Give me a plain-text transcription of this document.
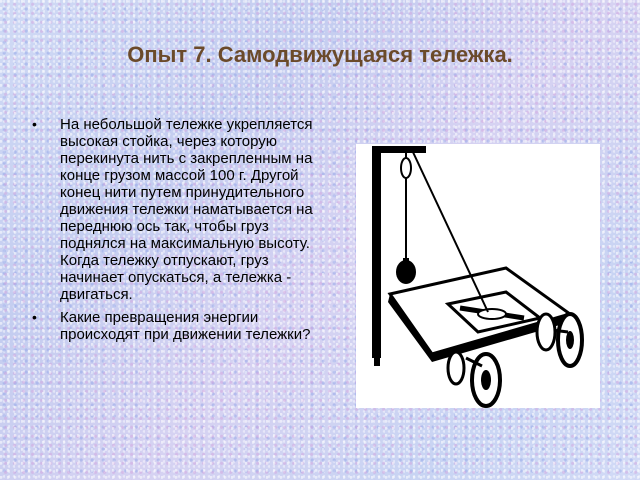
Опыт 7. Самодвижущаяся тележка.
• На небольшой тележке укрепляется высокая стойка, через которую перекинута нить с закрепленным на конце грузом массой 100 г. Другой конец нити путем принудительного движения тележки наматывается на переднюю ось так, чтобы груз поднялся на максимальную высоту. Когда тележку отпускают, груз начинает опускаться, а тележка - двигаться.
• Какие превращения энергии происходят при движении тележки?
